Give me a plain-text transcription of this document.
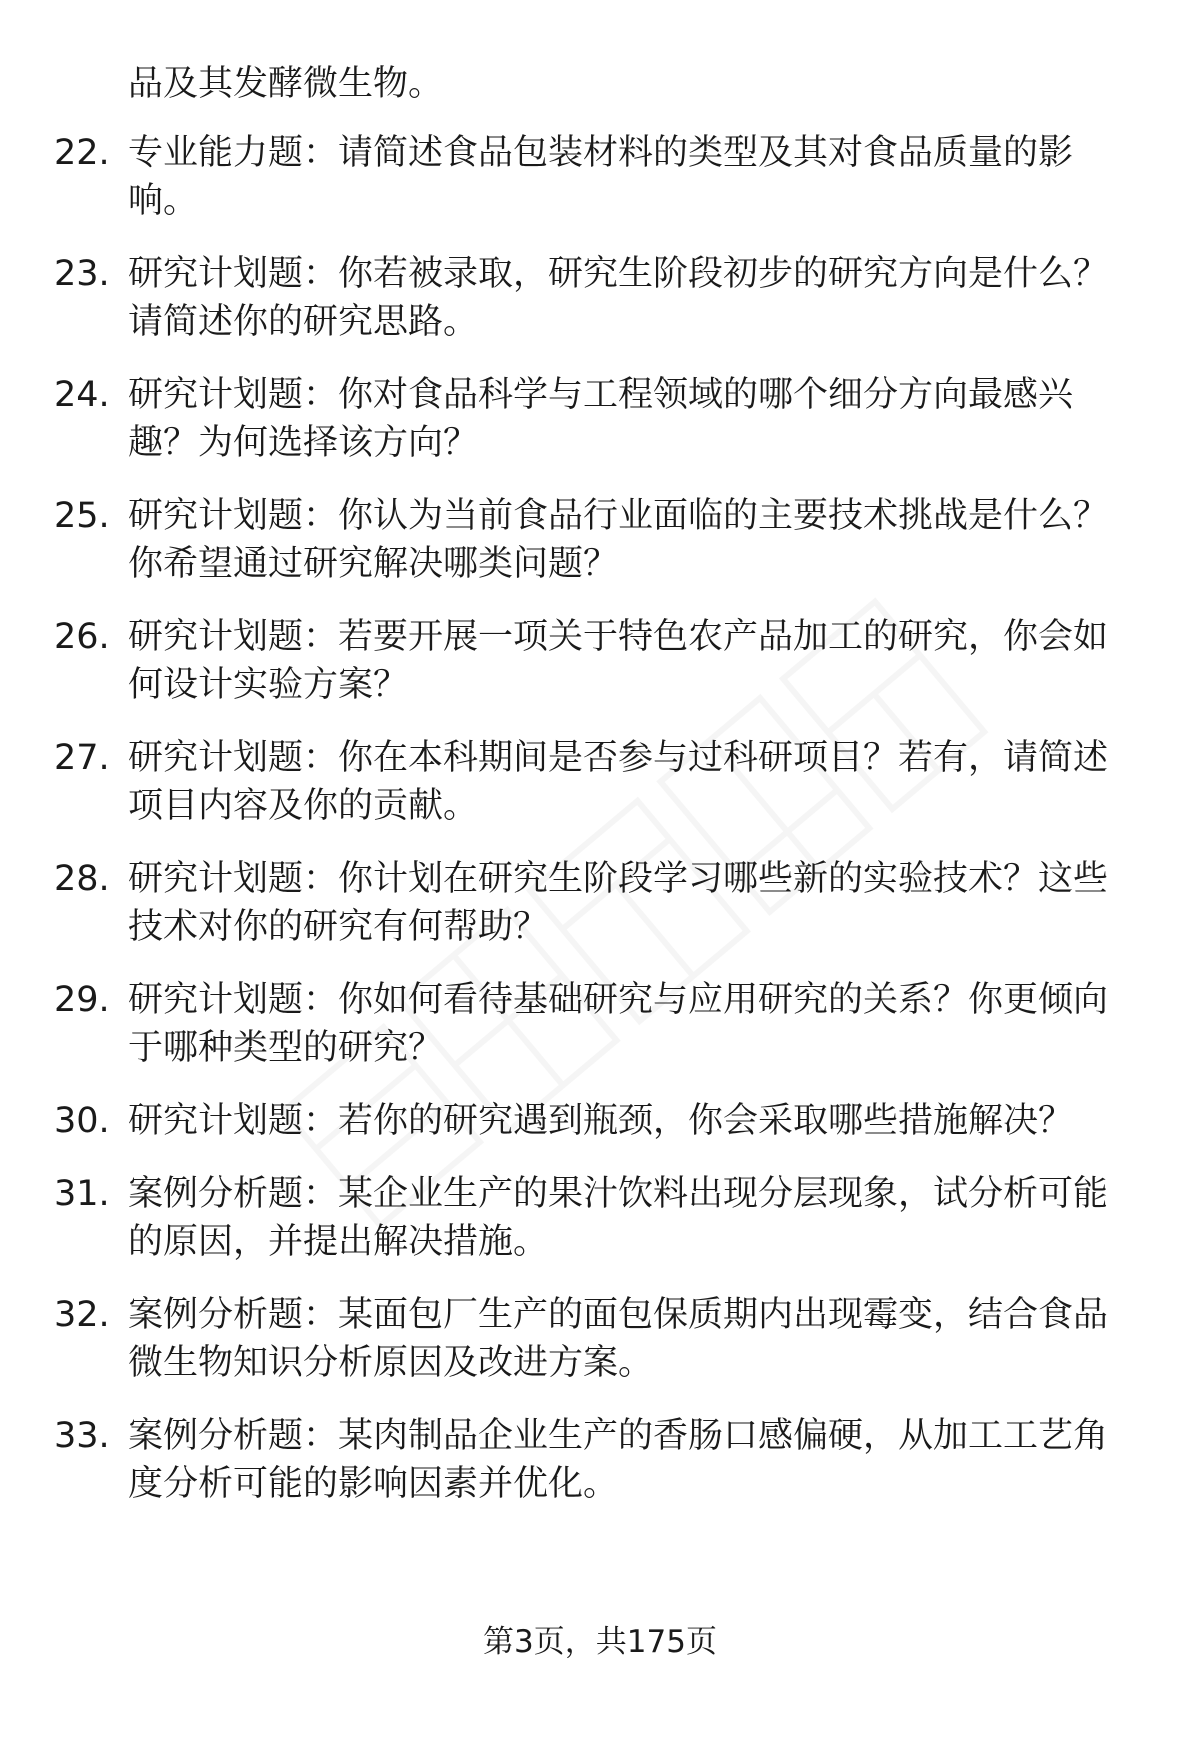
品及其发酵微生物。
22. 专业能力题：请简述食品包装材料的类型及其对食品质量的影响。
23. 研究计划题：你若被录取，研究生阶段初步的研究方向是什么？请简述你的研究思路。
24. 研究计划题：你对食品科学与工程领域的哪个细分方向最感兴趣？为何选择该方向？
25. 研究计划题：你认为当前食品行业面临的主要技术挑战是什么？你希望通过研究解决哪类问题？
26. 研究计划题：若要开展一项关于特色农产品加工的研究，你会如何设计实验方案？
27. 研究计划题：你在本科期间是否参与过科研项目？若有，请简述项目内容及你的贡献。
28. 研究计划题：你计划在研究生阶段学习哪些新的实验技术？这些技术对你的研究有何帮助？
29. 研究计划题：你如何看待基础研究与应用研究的关系？你更倾向于哪种类型的研究？
30. 研究计划题：若你的研究遇到瓶颈，你会采取哪些措施解决？
31. 案例分析题：某企业生产的果汁饮料出现分层现象，试分析可能的原因，并提出解决措施。
32. 案例分析题：某面包厂生产的面包保质期内出现霉变，结合食品微生物知识分析原因及改进方案。
33. 案例分析题：某肉制品企业生产的香肠口感偏硬，从加工工艺角度分析可能的影响因素并优化。
第3页，共175页
